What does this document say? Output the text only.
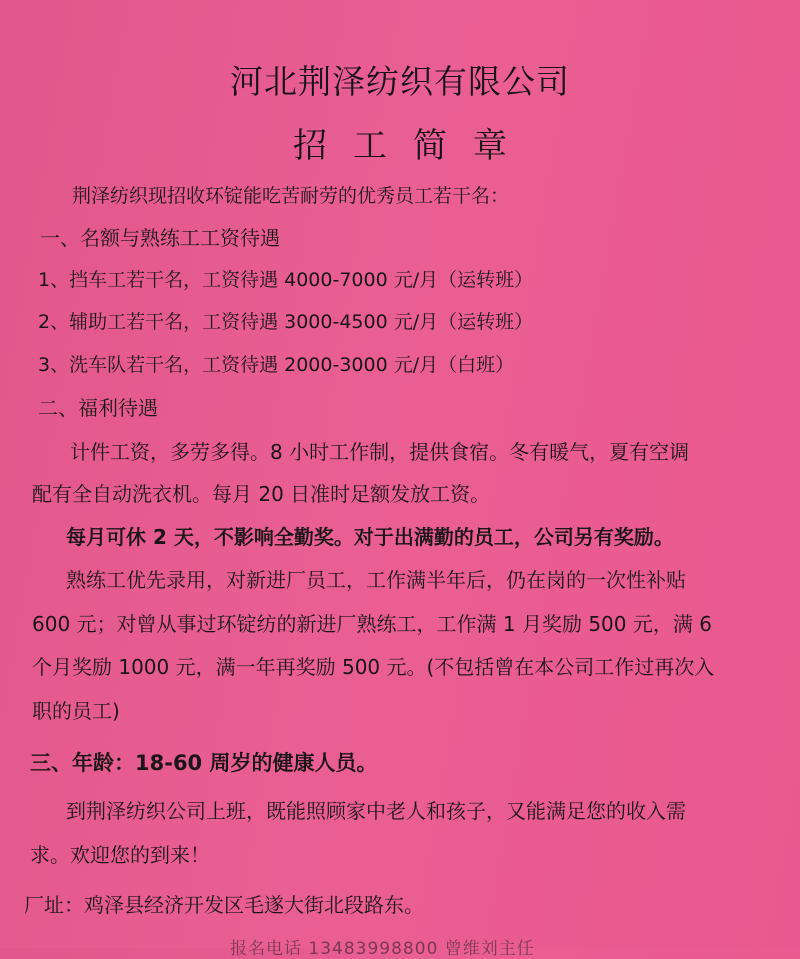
河北荆泽纺织有限公司
招工简章

荆泽纺织现招收环锭能吃苦耐劳的优秀员工若干名：

一、名额与熟练工工资待遇

1、挡车工若干名，工资待遇 4000-7000 元/月（运转班）

2、辅助工若干名，工资待遇 3000-4500 元/月（运转班）

3、洗车队若干名，工资待遇 2000-3000 元/月（白班）

二、福利待遇

计件工资，多劳多得。8 小时工作制，提供食宿。冬有暖气，夏有空调

配有全自动洗衣机。每月 20 日准时足额发放工资。

每月可休 2 天，不影响全勤奖。对于出满勤的员工，公司另有奖励。

熟练工优先录用，对新进厂员工，工作满半年后，仍在岗的一次性补贴

600 元；对曾从事过环锭纺的新进厂熟练工，工作满 1 月奖励 500 元，满 6

个月奖励 1000 元，满一年再奖励 500 元。(不包括曾在本公司工作过再次入

职的员工)

三、年龄：18-60 周岁的健康人员。

到荆泽纺织公司上班，既能照顾家中老人和孩子，又能满足您的收入需

求。欢迎您的到来！

厂址：鸡泽县经济开发区毛遂大街北段路东。

报名电话 13483998800 曾维刘主任
